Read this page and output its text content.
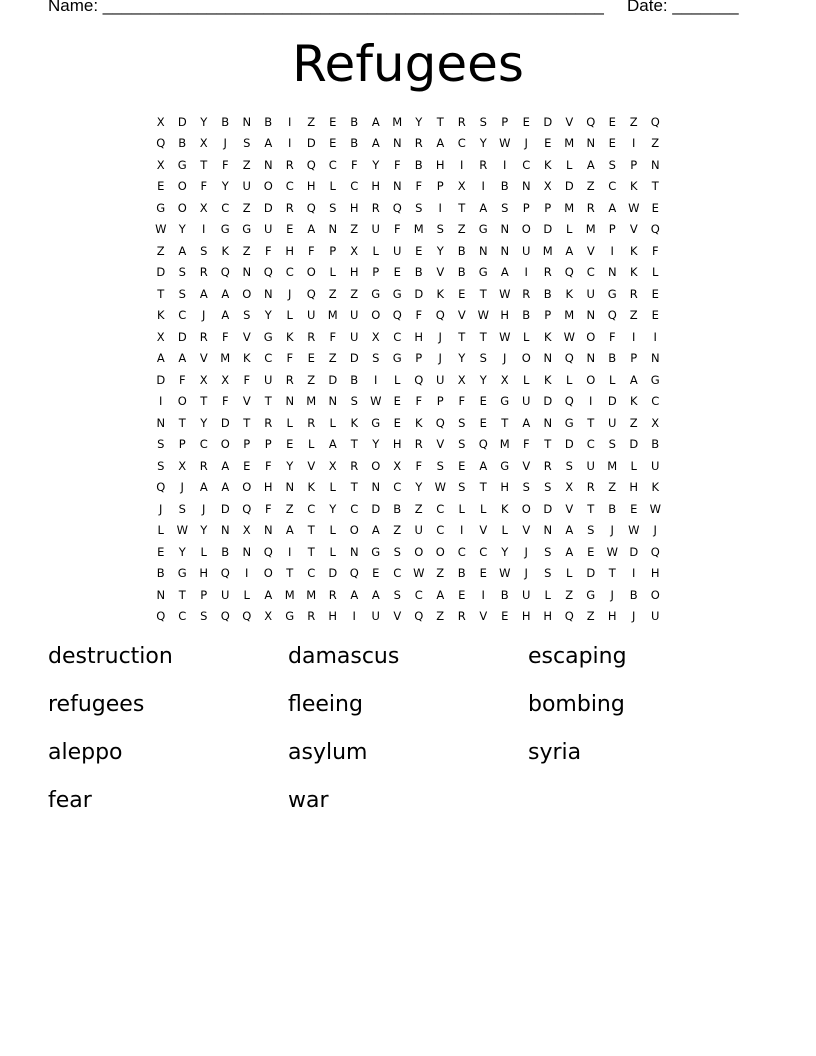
Name: _____________________________________________________ Date: _______
Refugees
X	D	Y	B	N	B	I	Z	E	B	A	M	Y	T	R	S	P	E	D	V	Q	E	Z	Q
Q	B	X	J	S	A	I	D	E	B	A	N	R	A	C	Y	W	J	E	M	N	E	I	Z
X	G	T	F	Z	N	R	Q	C	F	Y	F	B	H	I	R	I	C	K	L	A	S	P	N
E	O	F	Y	U	O	C	H	L	C	H	N	F	P	X	I	B	N	X	D	Z	C	K	T
G	O	X	C	Z	D	R	Q	S	H	R	Q	S	I	T	A	S	P	P	M	R	A	W	E
W	Y	I	G	G	U	E	A	N	Z	U	F	M	S	Z	G	N	O	D	L	M	P	V	Q
Z	A	S	K	Z	F	H	F	P	X	L	U	E	Y	B	N	N	U	M	A	V	I	K	F
D	S	R	Q	N	Q	C	O	L	H	P	E	B	V	B	G	A	I	R	Q	C	N	K	L
T	S	A	A	O	N	J	Q	Z	Z	G	G	D	K	E	T	W	R	B	K	U	G	R	E
K	C	J	A	S	Y	L	U	M	U	O	Q	F	Q	V	W H	B	P	M	N	Q	Z	E
X	D	R	F	V	G	K	R	F	U	X	C	H	J	T	T	W	L	K	W O	F	I	I
A	A	V	M	K	C	F	E	Z	D	S	G	P	J	Y	S	J	O	N	Q	N	B	P	N
D	F	X	X	F	U	R	Z	D	B	I	L	Q	U	X	Y	X	L	K	L	O	L	A	G
I	O	T	F	V	T	N	M	N	S	W	E	F	P	F	E	G	U	D	Q	I	D	K	C
N	T	Y	D	T	R	L	R	L	K	G	E	K	Q	S	E	T	A	N	G	T	U	Z	X
S	P	C	O	P	P	E	L	A	T	Y	H	R	V	S	Q	M	F	T	D	C	S	D	B
S	X	R	A	E	F	Y	V	X	R	O	X	F	S	E	A	G	V	R	S	U	M	L	U
Q	J	A	A	O	H	N	K	L	T	N	C	Y	W	S	T	H	S	S	X	R	Z	H	K
J	S	J	D	Q	F	Z	C	Y	C	D	B	Z	C	L	L	K	O	D	V	T	B	E	W
L	W	Y	N	X	N	A	T	L	O	A	Z	U	C	I	V	L	V	N	A	S	J	W	J
E	Y	L	B	N	Q	I	T	L	N	G	S	O	O	C	C	Y	J	S	A	E	W D	Q
B	G	H	Q	I	O	T	C	D	Q	E	C	W	Z	B	E	W	J	S	L	D	T	I	H
N	T	P	U	L	A	M	M	R	A	A	S	C	A	E	I	B	U	L	Z	G	J	B	O
Q	C	S	Q	Q	X	G	R	H	I	U	V	Q	Z	R	V	E	H	H	Q	Z	H	J	U
destruction	damascus	escaping
refugees	fleeing	bombing
aleppo	asylum	syria
fear	war
